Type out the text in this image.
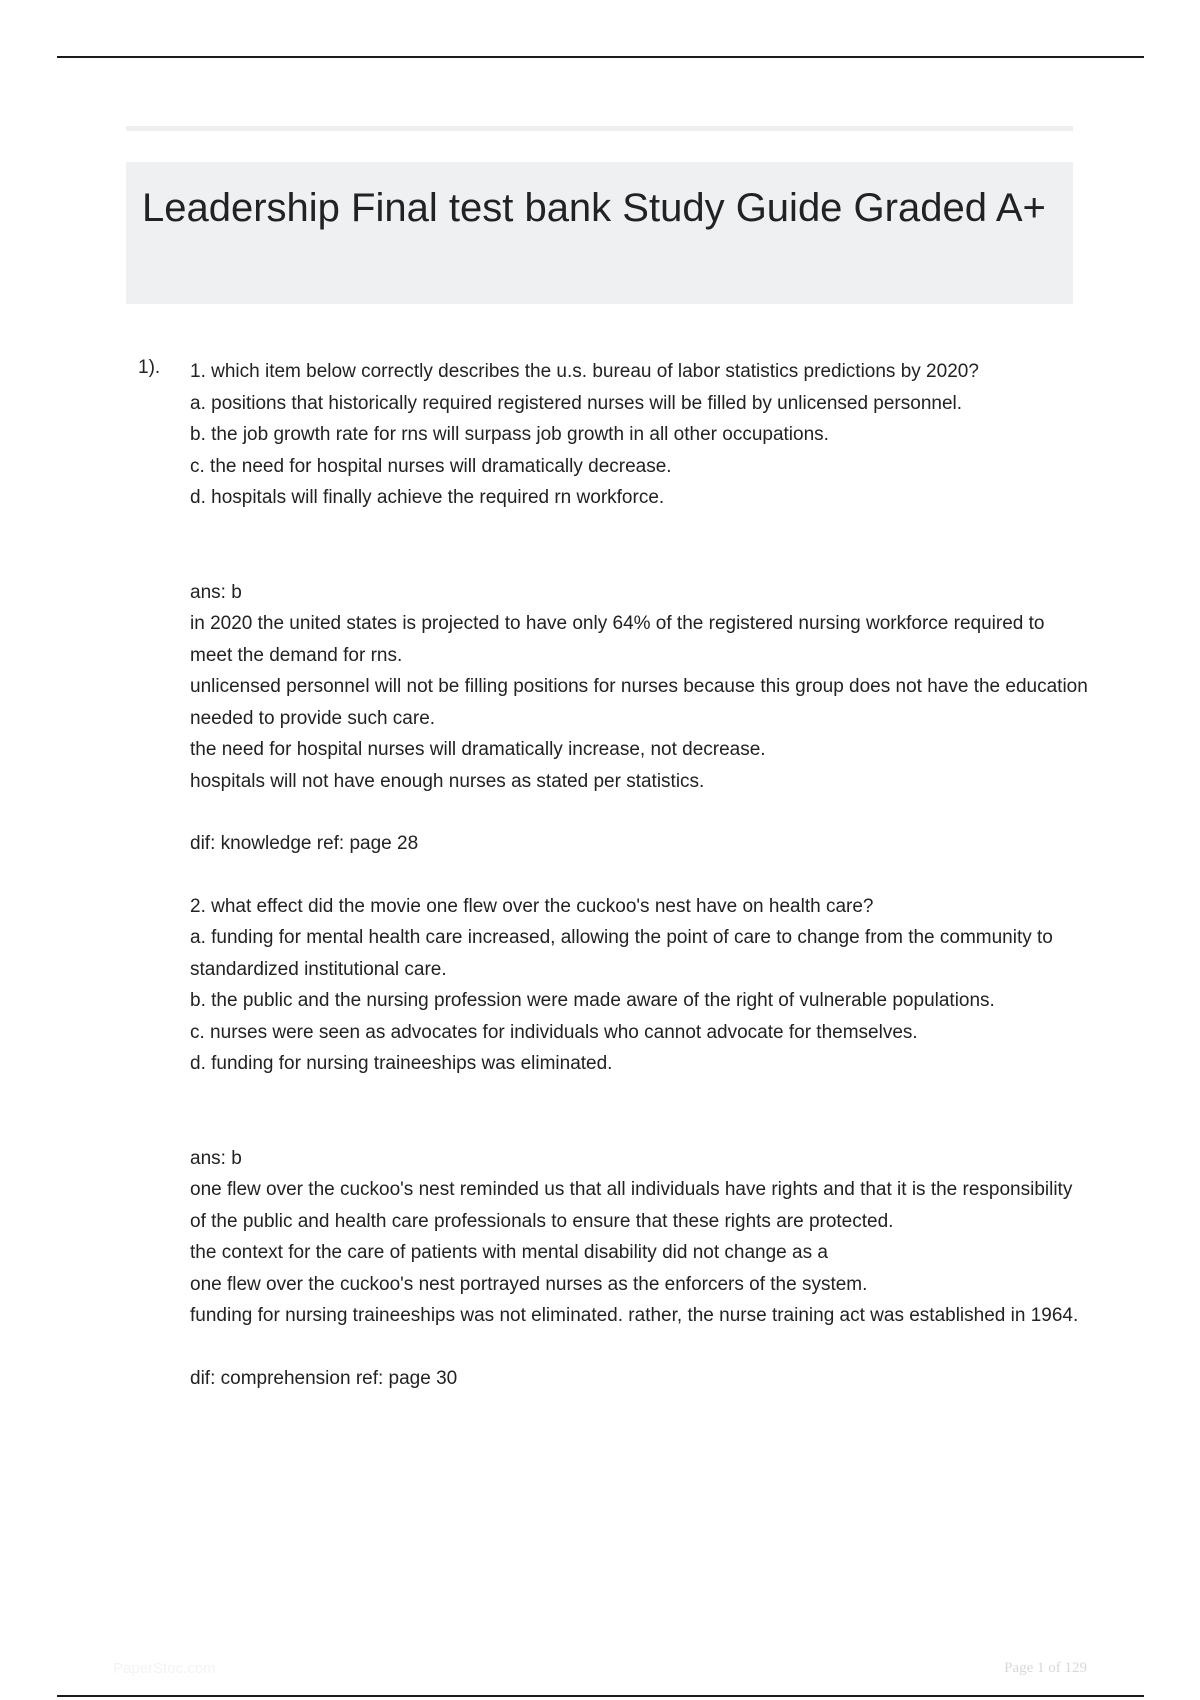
Leadership Final test bank Study Guide Graded A+
1). 1. which item below correctly describes the u.s. bureau of labor statistics predictions by 2020?

a. positions that historically required registered nurses will be filled by unlicensed personnel.

b. the job growth rate for rns will surpass job growth in all other occupations.

c. the need for hospital nurses will dramatically decrease.

d. hospitals will finally achieve the required rn workforce.

ans: b

in 2020 the united states is projected to have only 64% of the registered nursing workforce required to meet the demand for rns.

unlicensed personnel will not be filling positions for nurses because this group does not have the education needed to provide such care.

the need for hospital nurses will dramatically increase, not decrease.

hospitals will not have enough nurses as stated per statistics.

dif: knowledge ref: page 28

2. what effect did the movie one flew over the cuckoo's nest have on health care?

a. funding for mental health care increased, allowing the point of care to change from the community to standardized institutional care.

b. the public and the nursing profession were made aware of the right of vulnerable populations.

c. nurses were seen as advocates for individuals who cannot advocate for themselves.

d. funding for nursing traineeships was eliminated.

ans: b

one flew over the cuckoo's nest reminded us that all individuals have rights and that it is the responsibility of the public and health care professionals to ensure that these rights are protected.

the context for the care of patients with mental disability did not change as a

one flew over the cuckoo's nest portrayed nurses as the enforcers of the system.

funding for nursing traineeships was not eliminated. rather, the nurse training act was established in 1964.

dif: comprehension ref: page 30

PaperStoc.com	Page 1 of 129
